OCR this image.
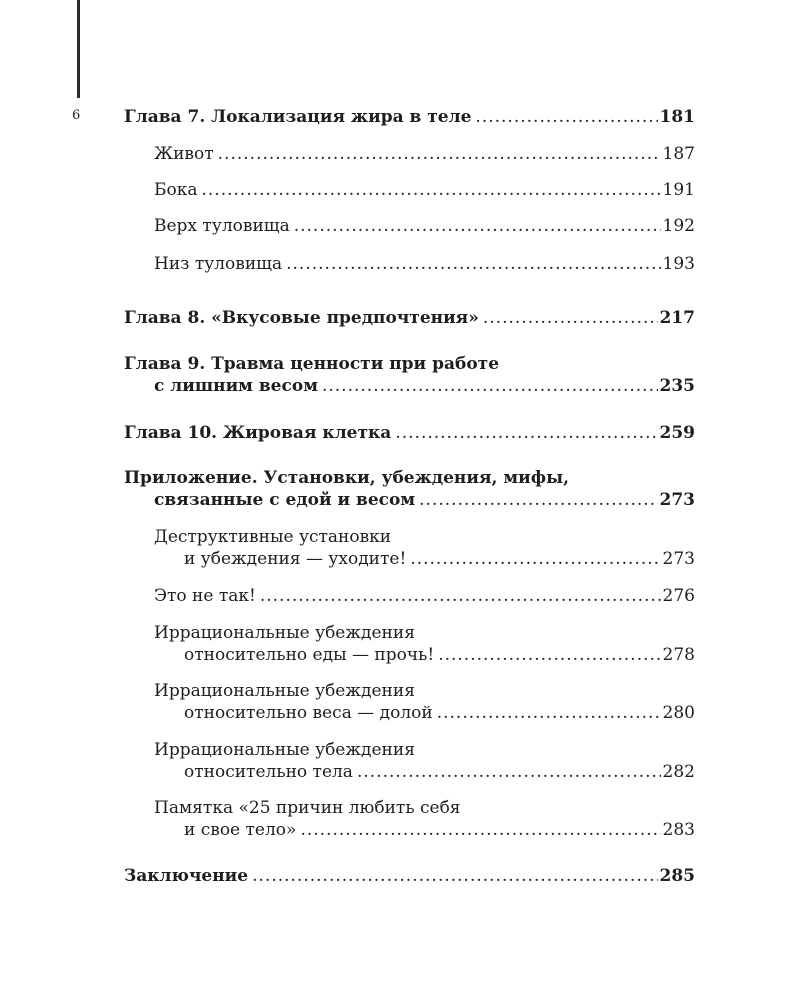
6	Глава 7. Локализация жира в теле .....	181
Живот .....	187
Бока .....	191
Верх туловища .....	192
Низ туловища .....	193
Глава 8. «Вкусовые предпочтения» .....	217
Глава 9. Травма ценности при работе
с лишним весом .....	235
Глава 10. Жировая клетка .....	259
Приложение. Установки, убеждения, мифы,
связанные с едой и весом .....	273
Деструктивные установки
и убеждения — уходите! .....	273
Это не так! .....	276
Иррациональные убеждения
относительно еды — прочь! .....	278
Иррациональные убеждения
относительно веса — долой .....	280
Иррациональные убеждения
относительно тела .....	282
Памятка «25 причин любить себя
и свое тело» .....	283
Заключение .....	285
